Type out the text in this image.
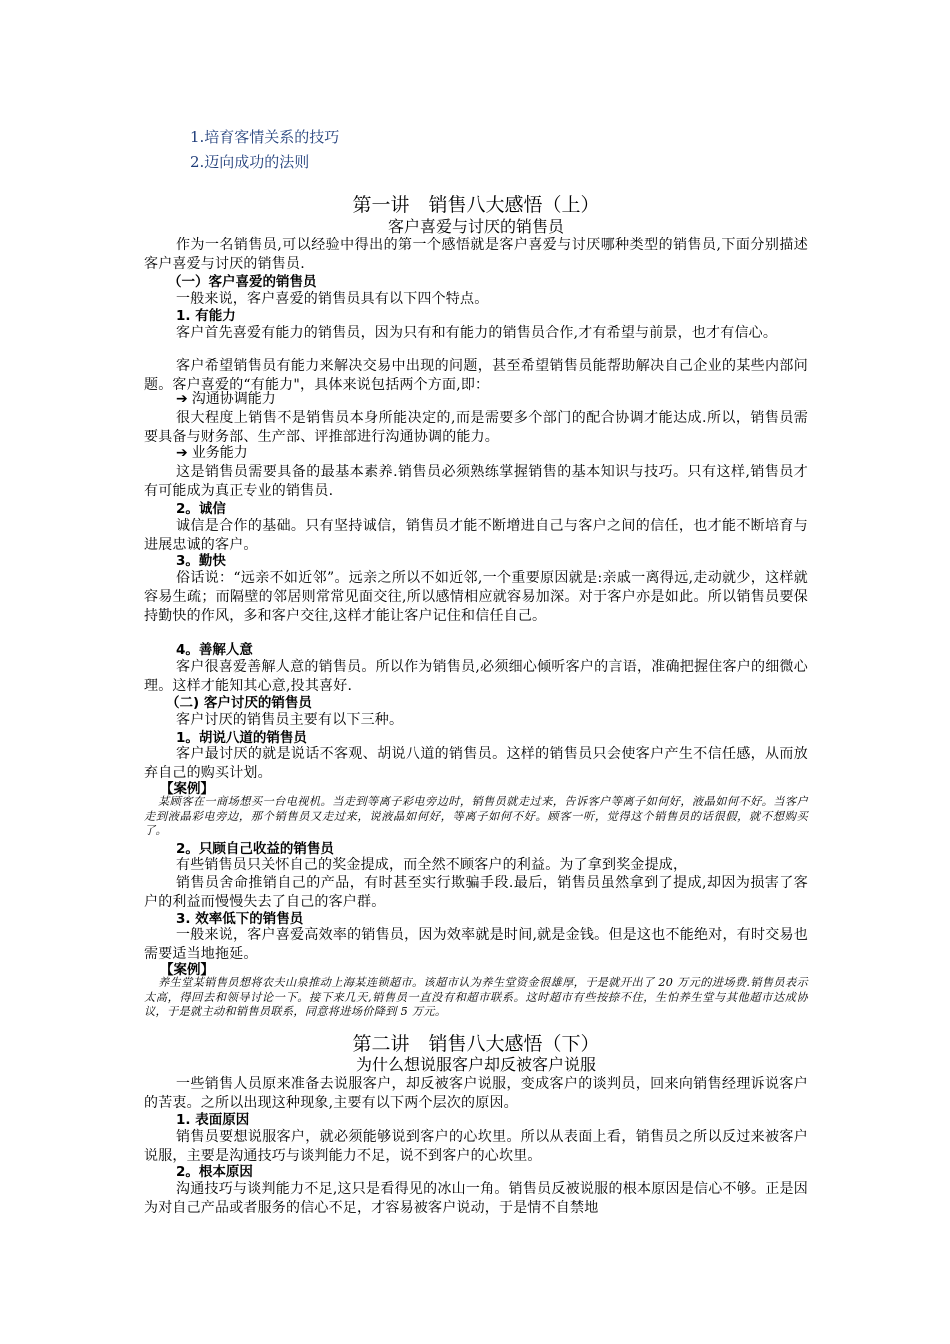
1.培育客情关系的技巧
2.迈向成功的法则
第一讲　销售八大感悟（上）
客户喜爱与讨厌的销售员
作为一名销售员,可以经验中得出的第一个感悟就是客户喜爱与讨厌哪种类型的销售员,下面分别描述客户喜爱与讨厌的销售员.
（一）客户喜爱的销售员
一般来说，客户喜爱的销售员具有以下四个特点。
1. 有能力
客户首先喜爱有能力的销售员，因为只有和有能力的销售员合作,才有希望与前景，也才有信心。
客户希望销售员有能力来解决交易中出现的问题，甚至希望销售员能帮助解决自己企业的某些内部问题。客户喜爱的“有能力"，具体来说包括两个方面,即：
➔ 沟通协调能力
很大程度上销售不是销售员本身所能决定的,而是需要多个部门的配合协调才能达成.所以，销售员需要具备与财务部、生产部、评推部进行沟通协调的能力。
➔ 业务能力
这是销售员需要具备的最基本素养.销售员必须熟练掌握销售的基本知识与技巧。只有这样,销售员才有可能成为真正专业的销售员.
2。诚信
诚信是合作的基础。只有坚持诚信，销售员才能不断增进自己与客户之间的信任，也才能不断培育与进展忠诚的客户。
3。勤快
俗话说：“远亲不如近邻”。远亲之所以不如近邻,一个重要原因就是:亲戚一离得远,走动就少，这样就容易生疏；而隔壁的邻居则常常见面交往,所以感情相应就容易加深。对于客户亦是如此。所以销售员要保持勤快的作风，多和客户交往,这样才能让客户记住和信任自己。
4。善解人意
客户很喜爱善解人意的销售员。所以作为销售员,必须细心倾听客户的言语，准确把握住客户的细微心理。这样才能知其心意,投其喜好.
（二) 客户讨厌的销售员
客户讨厌的销售员主要有以下三种。
1。胡说八道的销售员
客户最讨厌的就是说话不客观、胡说八道的销售员。这样的销售员只会使客户产生不信任感，从而放弃自己的购买计划。
【案例】
某顾客在一商场想买一台电视机。当走到等离子彩电旁边时，销售员就走过来，告诉客户等离子如何好，液晶如何不好。当客户走到液晶彩电旁边，那个销售员又走过来，说液晶如何好，等离子如何不好。顾客一听，觉得这个销售员的话很假，就不想购买了。
2。只顾自己收益的销售员
有些销售员只关怀自己的奖金提成，而全然不顾客户的利益。为了拿到奖金提成，
销售员舍命推销自己的产品，有时甚至实行欺骗手段.最后，销售员虽然拿到了提成,却因为损害了客户的利益而慢慢失去了自己的客户群。
3. 效率低下的销售员
一般来说，客户喜爱高效率的销售员，因为效率就是时间,就是金钱。但是这也不能绝对，有时交易也需要适当地拖延。
【案例】
养生堂某销售员想将农夫山泉推动上海某连锁超市。该超市认为养生堂资金很雄厚，于是就开出了 20 万元的进场费.销售员表示太高，得回去和领导讨论一下。接下来几天,销售员一直没有和超市联系。这时超市有些按捺不住，生怕养生堂与其他超市达成协议，于是就主动和销售员联系，同意将进场价降到 5 万元。
第二讲　销售八大感悟（下）
为什么想说服客户却反被客户说服
一些销售人员原来准备去说服客户，却反被客户说服，变成客户的谈判员，回来向销售经理诉说客户的苦衷。之所以出现这种现象,主要有以下两个层次的原因。
1. 表面原因
销售员要想说服客户，就必须能够说到客户的心坎里。所以从表面上看，销售员之所以反过来被客户说服，主要是沟通技巧与谈判能力不足，说不到客户的心坎里。
2。根本原因
沟通技巧与谈判能力不足,这只是看得见的冰山一角。销售员反被说服的根本原因是信心不够。正是因为对自己产品或者服务的信心不足，才容易被客户说动，于是情不自禁地
